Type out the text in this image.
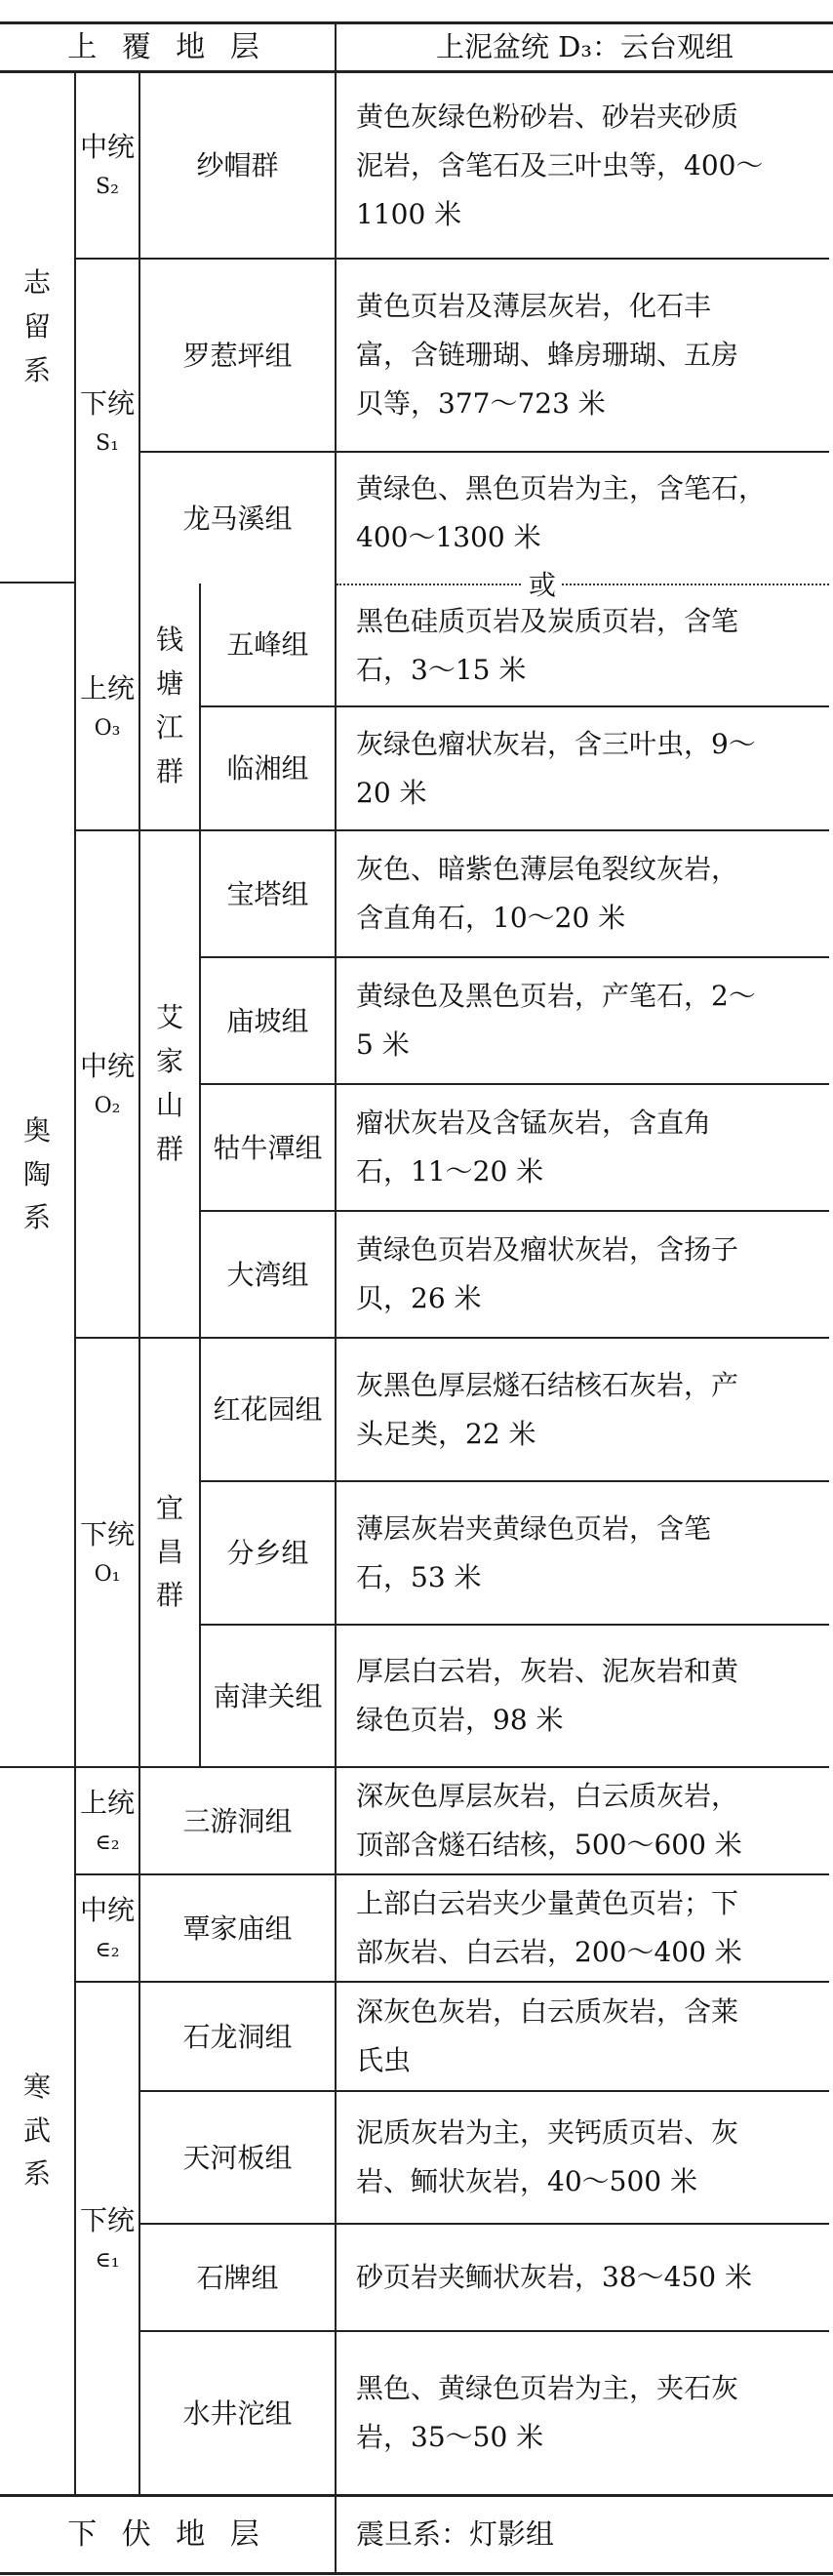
上 覆 地 层	上泥盆统 D₃：云台观组
志
留
系
奥
陶
系
寒
武
系
中统
S₂
下统
S₁
上统
O₃
中统
O₂
下统
O₁
上统
∈₂
中统
∈₂
下统
∈₁
钱
塘
江
群
艾
家
山
群
宜
昌
群
纱帽群
罗惹坪组
龙马溪组
五峰组
临湘组
宝塔组
庙坡组
牯牛潭组
大湾组
红花园组
分乡组
南津关组
三游洞组
覃家庙组
石龙洞组
天河板组
石牌组
水井沱组
黄色灰绿色粉砂岩、砂岩夹砂质
泥岩，含笔石及三叶虫等，400～
1100 米
黄色页岩及薄层灰岩，化石丰
富，含链珊瑚、蜂房珊瑚、五房
贝等，377～723 米
黄绿色、黑色页岩为主，含笔石，
400～1300 米
或
黑色硅质页岩及炭质页岩，含笔
石，3～15 米
灰绿色瘤状灰岩，含三叶虫，9～
20 米
灰色、暗紫色薄层龟裂纹灰岩，
含直角石，10～20 米
黄绿色及黑色页岩，产笔石，2～
5 米
瘤状灰岩及含锰灰岩，含直角
石，11～20 米
黄绿色页岩及瘤状灰岩，含扬子
贝，26 米
灰黑色厚层燧石结核石灰岩，产
头足类，22 米
薄层灰岩夹黄绿色页岩，含笔
石，53 米
厚层白云岩，灰岩、泥灰岩和黄
绿色页岩，98 米
深灰色厚层灰岩，白云质灰岩，
顶部含燧石结核，500～600 米
上部白云岩夹少量黄色页岩；下
部灰岩、白云岩，200～400 米
深灰色灰岩，白云质灰岩，含莱
氏虫
泥质灰岩为主，夹钙质页岩、灰
岩、鲕状灰岩，40～500 米
砂页岩夹鲕状灰岩，38～450 米
黑色、黄绿色页岩为主，夹石灰
岩，35～50 米
下 伏 地 层	震旦系：灯影组
